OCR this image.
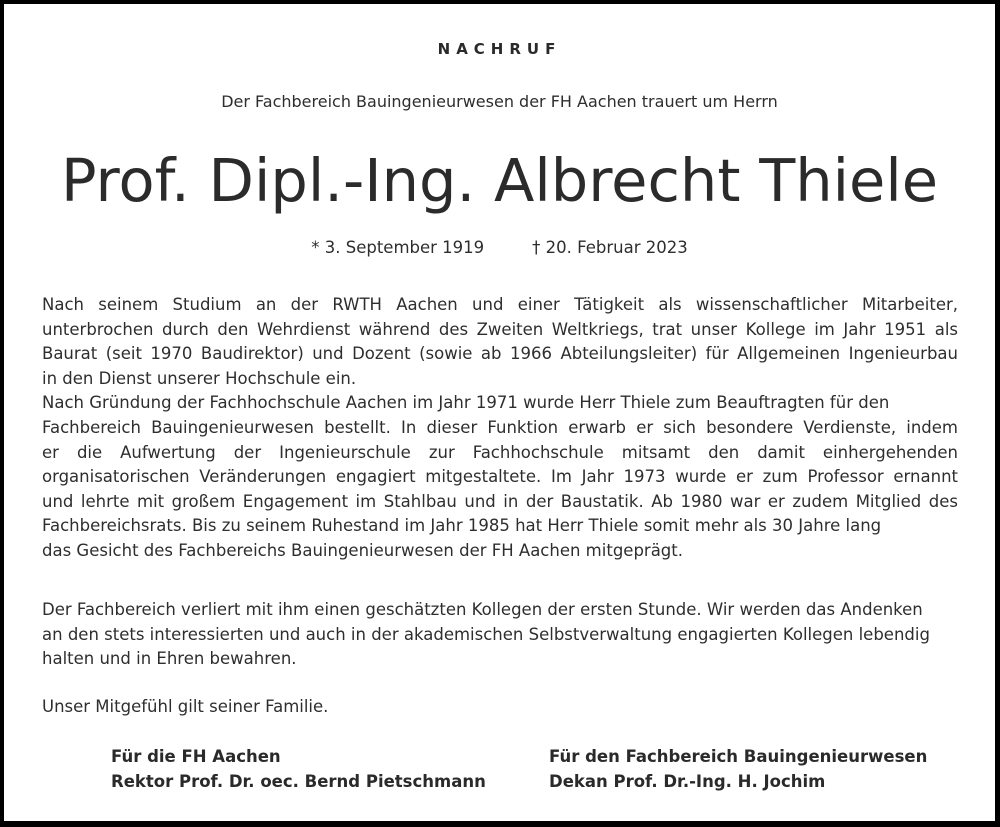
NACHRUF
Der Fachbereich Bauingenieurwesen der FH Aachen trauert um Herrn
Prof. Dipl.-Ing. Albrecht Thiele
* 3. September 1919	† 20. Februar 2023
Nach seinem Studium an der RWTH Aachen und einer Tätigkeit als wissenschaftlicher Mitarbeiter,
unterbrochen durch den Wehrdienst während des Zweiten Weltkriegs, trat unser Kollege im Jahr 1951 als
Baurat (seit 1970 Baudirektor) und Dozent (sowie ab 1966 Abteilungsleiter) für Allgemeinen Ingenieurbau
in den Dienst unserer Hochschule ein.
Nach Gründung der Fachhochschule Aachen im Jahr 1971 wurde Herr Thiele zum Beauftragten für den
Fachbereich Bauingenieurwesen bestellt. In dieser Funktion erwarb er sich besondere Verdienste, indem
er die Aufwertung der Ingenieurschule zur Fachhochschule mitsamt den damit einhergehenden
organisatorischen Veränderungen engagiert mitgestaltete. Im Jahr 1973 wurde er zum Professor ernannt
und lehrte mit großem Engagement im Stahlbau und in der Baustatik. Ab 1980 war er zudem Mitglied des
Fachbereichsrats. Bis zu seinem Ruhestand im Jahr 1985 hat Herr Thiele somit mehr als 30 Jahre lang
das Gesicht des Fachbereichs Bauingenieurwesen der FH Aachen mitgeprägt.
Der Fachbereich verliert mit ihm einen geschätzten Kollegen der ersten Stunde. Wir werden das Andenken
an den stets interessierten und auch in der akademischen Selbstverwaltung engagierten Kollegen lebendig
halten und in Ehren bewahren.
Unser Mitgefühl gilt seiner Familie.
Für die FH Aachen
Rektor Prof. Dr. oec. Bernd Pietschmann
Für den Fachbereich Bauingenieurwesen
Dekan Prof. Dr.-Ing. H. Jochim
